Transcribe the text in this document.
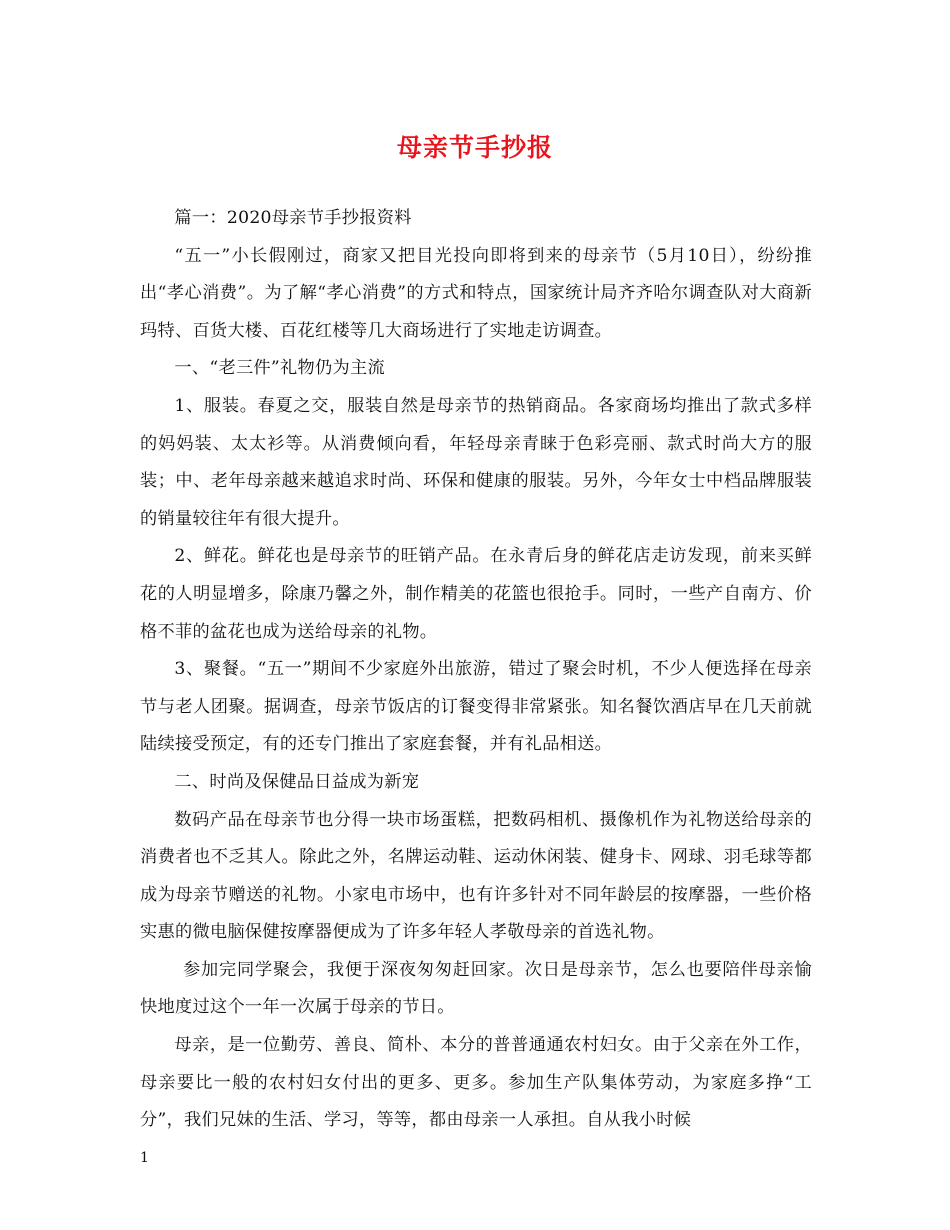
母亲节手抄报

篇一：2020母亲节手抄报资料

“五一”小长假刚过，商家又把目光投向即将到来的母亲节（5月10日），纷纷推出“孝心消费”。为了解“孝心消费”的方式和特点，国家统计局齐齐哈尔调查队对大商新玛特、百货大楼、百花红楼等几大商场进行了实地走访调查。

一、“老三件”礼物仍为主流

1、服装。春夏之交，服装自然是母亲节的热销商品。各家商场均推出了款式多样的妈妈装、太太衫等。从消费倾向看，年轻母亲青睐于色彩亮丽、款式时尚大方的服装；中、老年母亲越来越追求时尚、环保和健康的服装。另外，今年女士中档品牌服装的销量较往年有很大提升。

2、鲜花。鲜花也是母亲节的旺销产品。在永青后身的鲜花店走访发现，前来买鲜花的人明显增多，除康乃馨之外，制作精美的花篮也很抢手。同时，一些产自南方、价格不菲的盆花也成为送给母亲的礼物。

3、聚餐。“五一”期间不少家庭外出旅游，错过了聚会时机，不少人便选择在母亲节与老人团聚。据调查，母亲节饭店的订餐变得非常紧张。知名餐饮酒店早在几天前就陆续接受预定，有的还专门推出了家庭套餐，并有礼品相送。

二、时尚及保健品日益成为新宠

数码产品在母亲节也分得一块市场蛋糕，把数码相机、摄像机作为礼物送给母亲的消费者也不乏其人。除此之外，名牌运动鞋、运动休闲装、健身卡、网球、羽毛球等都成为母亲节赠送的礼物。小家电市场中，也有许多针对不同年龄层的按摩器，一些价格实惠的微电脑保健按摩器便成为了许多年轻人孝敬母亲的首选礼物。

参加完同学聚会，我便于深夜匆匆赶回家。次日是母亲节，怎么也要陪伴母亲愉快地度过这个一年一次属于母亲的节日。

母亲，是一位勤劳、善良、简朴、本分的普普通通农村妇女。由于父亲在外工作，母亲要比一般的农村妇女付出的更多、更多。参加生产队集体劳动，为家庭多挣“工分”，我们兄妹的生活、学习，等等，都由母亲一人承担。自从我小时候

1
